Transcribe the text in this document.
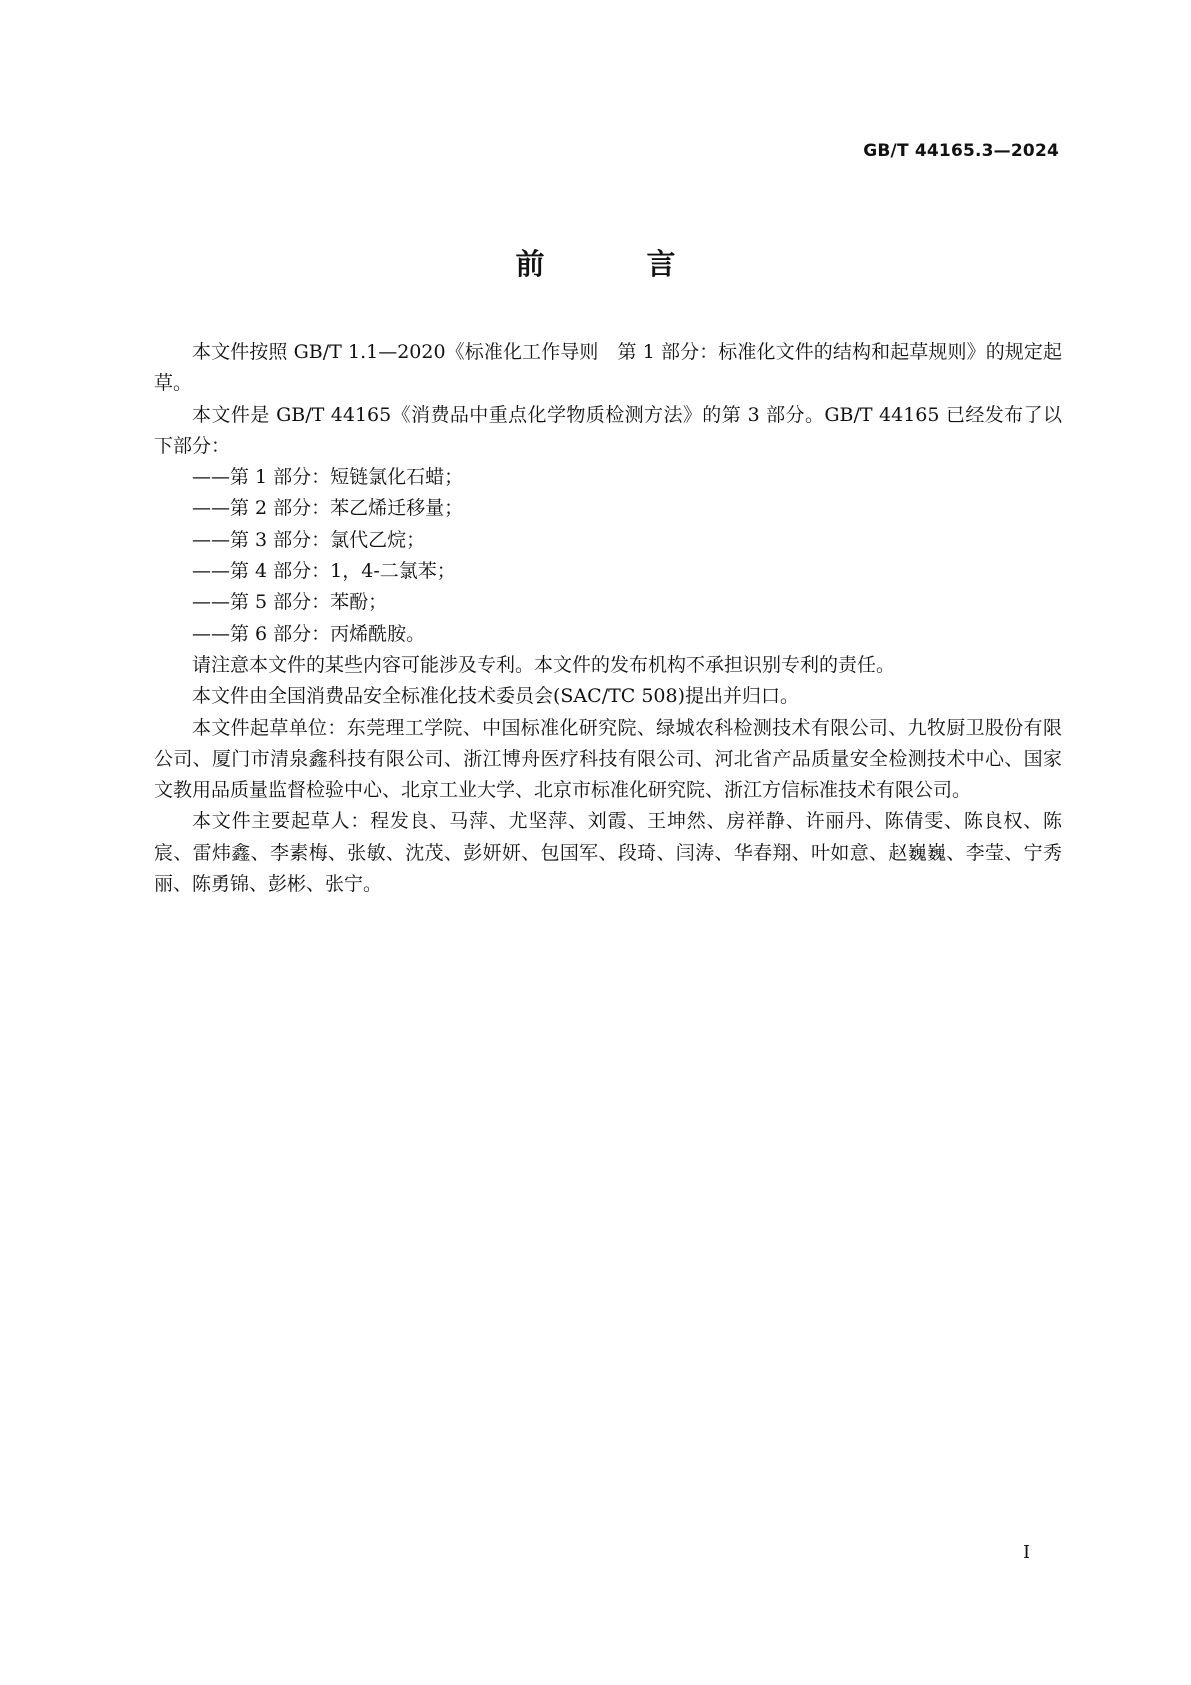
GB/T 44165.3—2024
前 言

本文件按照 GB/T 1.1—2020《标准化工作导则　第 1 部分：标准化文件的结构和起草规则》的规定起草。

本文件是 GB/T 44165《消费品中重点化学物质检测方法》的第 3 部分。GB/T 44165 已经发布了以下部分：

——第 1 部分：短链氯化石蜡；
——第 2 部分：苯乙烯迁移量；
——第 3 部分：氯代乙烷；
——第 4 部分：1，4-二氯苯；
——第 5 部分：苯酚；
——第 6 部分：丙烯酰胺。

请注意本文件的某些内容可能涉及专利。本文件的发布机构不承担识别专利的责任。

本文件由全国消费品安全标准化技术委员会(SAC/TC 508)提出并归口。

本文件起草单位：东莞理工学院、中国标准化研究院、绿城农科检测技术有限公司、九牧厨卫股份有限公司、厦门市清泉鑫科技有限公司、浙江博舟医疗科技有限公司、河北省产品质量安全检测技术中心、国家文教用品质量监督检验中心、北京工业大学、北京市标准化研究院、浙江方信标准技术有限公司。

本文件主要起草人：程发良、马萍、尤坚萍、刘霞、王坤然、房祥静、许丽丹、陈倩雯、陈良权、陈宸、雷炜鑫、李素梅、张敏、沈茂、彭妍妍、包国军、段琦、闫涛、华春翔、叶如意、赵巍巍、李莹、宁秀丽、陈勇锦、彭彬、张宁。

I
